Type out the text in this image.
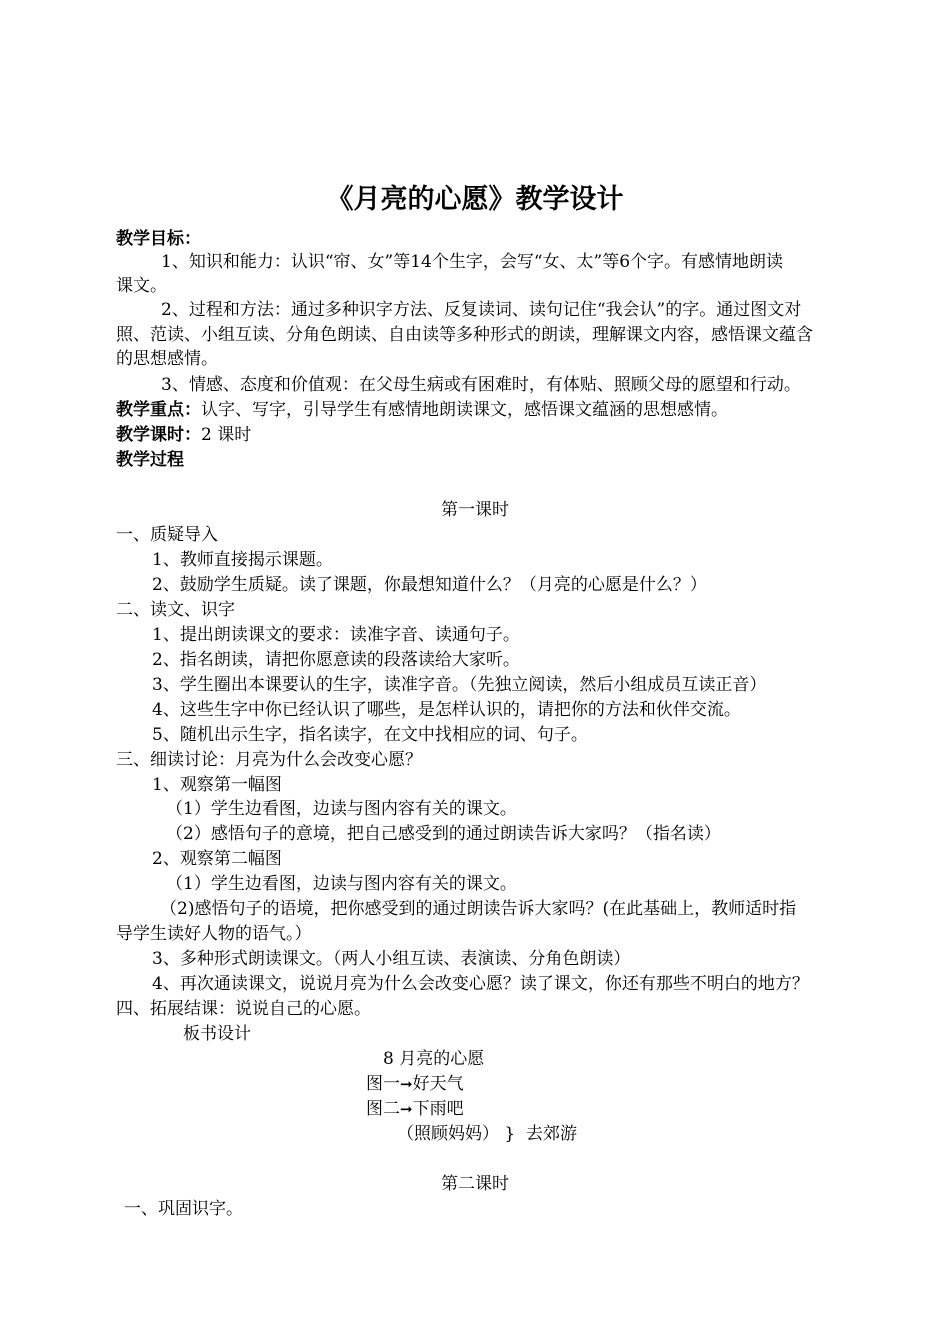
《月亮的心愿》教学设计
教学目标：
1、知识和能力：认识“帘、女”等14个生字，会写“女、太”等6个字。有感情地朗读
课文。
2、过程和方法：通过多种识字方法、反复读词、读句记住“我会认”的字。通过图文对
照、范读、小组互读、分角色朗读、自由读等多种形式的朗读，理解课文内容，感悟课文蕴含
的思想感情。
3、情感、态度和价值观：在父母生病或有困难时，有体贴、照顾父母的愿望和行动。
教学重点：认字、写字，引导学生有感情地朗读课文，感悟课文蕴涵的思想感情。
教学课时：2 课时
教学过程
第一课时
一、质疑导入
1、教师直接揭示课题。
2、鼓励学生质疑。读了课题，你最想知道什么？（月亮的心愿是什么？）
二、读文、识字
1、提出朗读课文的要求：读准字音、读通句子。
2、指名朗读，请把你愿意读的段落读给大家听。
3、学生圈出本课要认的生字，读准字音。（先独立阅读，然后小组成员互读正音）
4、这些生字中你已经认识了哪些，是怎样认识的，请把你的方法和伙伴交流。
5、随机出示生字，指名读字，在文中找相应的词、句子。
三、细读讨论：月亮为什么会改变心愿？
1、观察第一幅图
（1）学生边看图，边读与图内容有关的课文。
（2）感悟句子的意境，把自己感受到的通过朗读告诉大家吗？（指名读）
2、观察第二幅图
（1）学生边看图，边读与图内容有关的课文。
（2)感悟句子的语境，把你感受到的通过朗读告诉大家吗？(在此基础上，教师适时指
导学生读好人物的语气。）
3、多种形式朗读课文。（两人小组互读、表演读、分角色朗读）
4、再次通读课文，说说月亮为什么会改变心愿？读了课文，你还有那些不明白的地方？
四、拓展结课：说说自己的心愿。
板书设计
8 月亮的心愿
图一➞好天气
图二➞下雨吧
（照顾妈妈） } 去郊游
第二课时
一、巩固识字。
